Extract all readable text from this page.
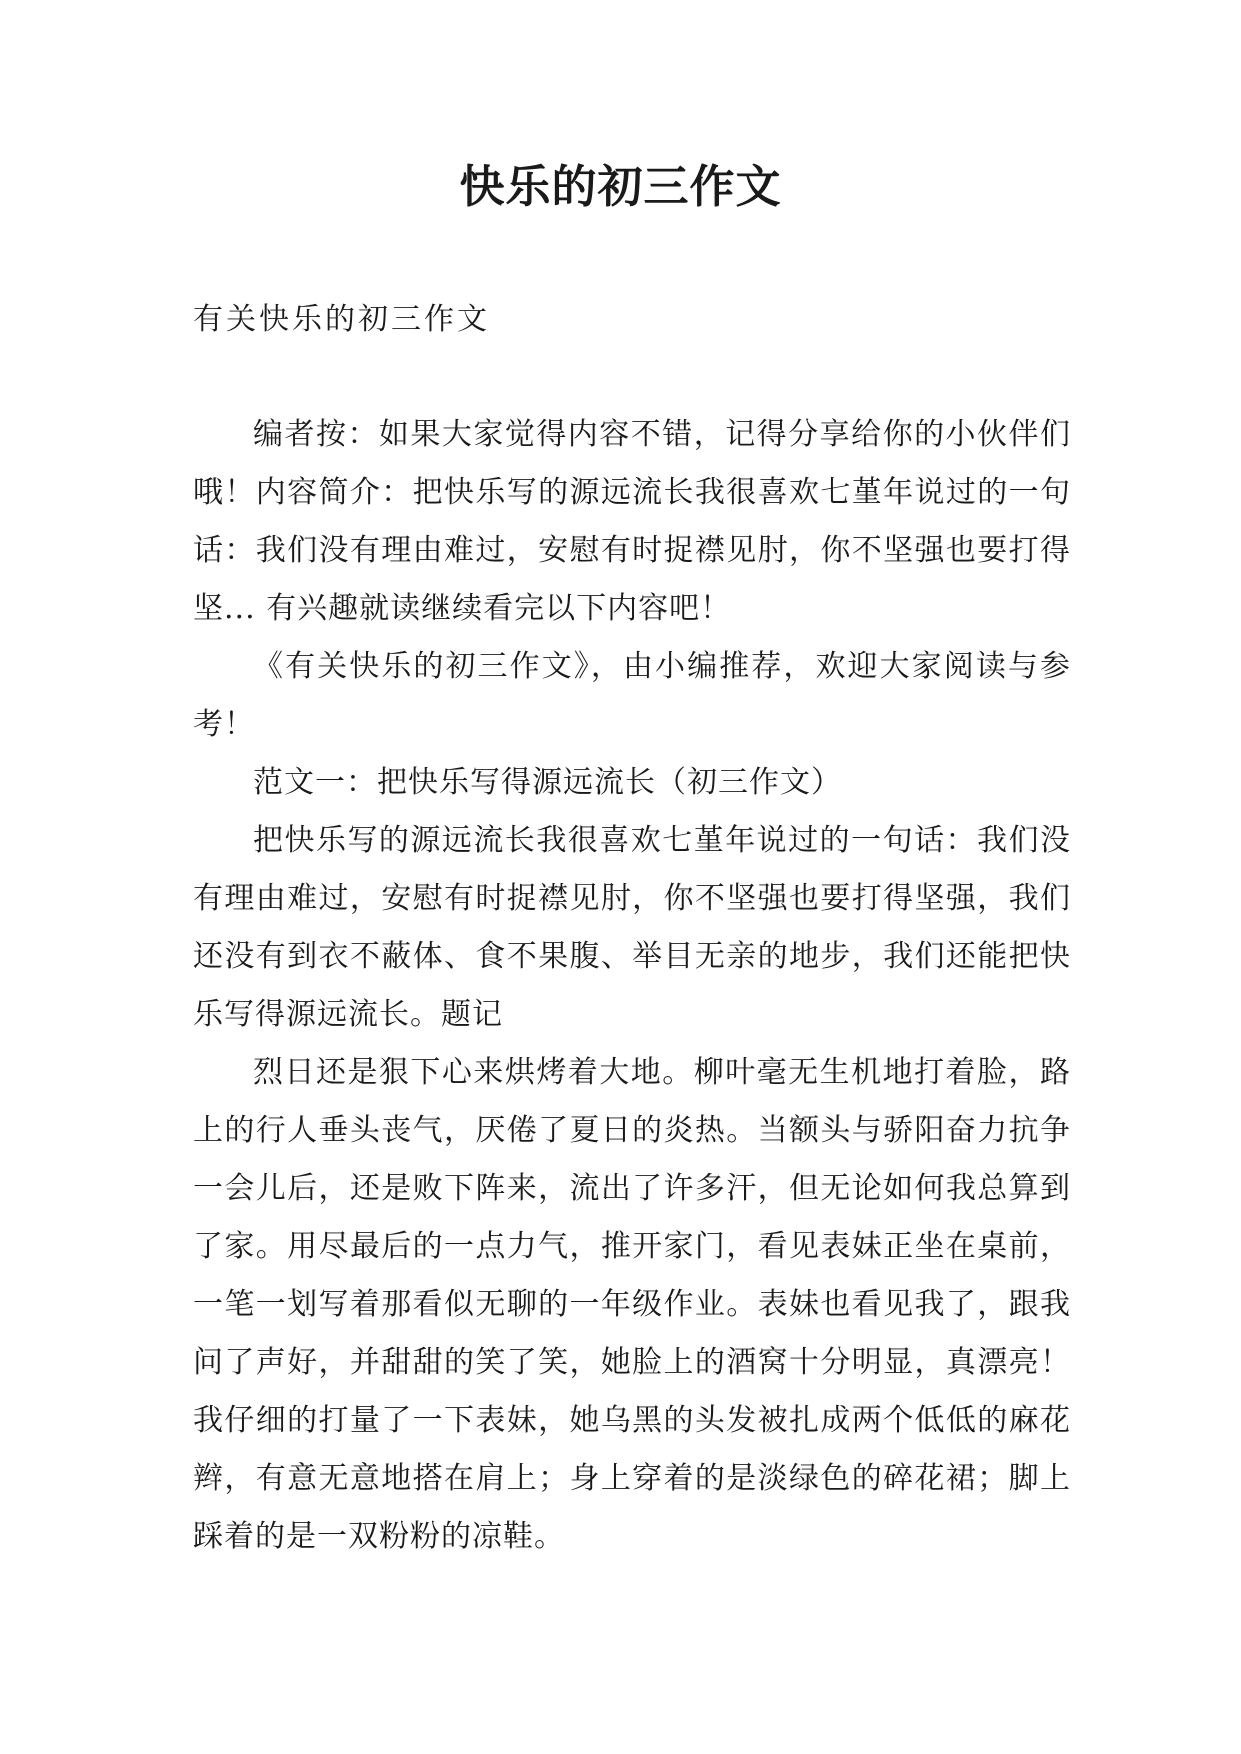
快乐的初三作文
有关快乐的初三作文

编者按：如果大家觉得内容不错，记得分享给你的小伙伴们哦！内容简介：把快乐写的源远流长我很喜欢七堇年说过的一句话：我们没有理由难过，安慰有时捉襟见肘，你不坚强也要打得坚... 有兴趣就读继续看完以下内容吧！

《有关快乐的初三作文》，由小编推荐，欢迎大家阅读与参考！

范文一：把快乐写得源远流长（初三作文）

把快乐写的源远流长我很喜欢七堇年说过的一句话：我们没有理由难过，安慰有时捉襟见肘，你不坚强也要打得坚强，我们还没有到衣不蔽体、食不果腹、举目无亲的地步，我们还能把快乐写得源远流长。题记

烈日还是狠下心来烘烤着大地。柳叶毫无生机地打着脸，路上的行人垂头丧气，厌倦了夏日的炎热。当额头与骄阳奋力抗争一会儿后，还是败下阵来，流出了许多汗，但无论如何我总算到了家。用尽最后的一点力气，推开家门，看见表妹正坐在桌前，一笔一划写着那看似无聊的一年级作业。表妹也看见我了，跟我问了声好，并甜甜的笑了笑，她脸上的酒窝十分明显，真漂亮！我仔细的打量了一下表妹，她乌黑的头发被扎成两个低低的麻花辫，有意无意地搭在肩上；身上穿着的是淡绿色的碎花裙；脚上踩着的是一双粉粉的凉鞋。
